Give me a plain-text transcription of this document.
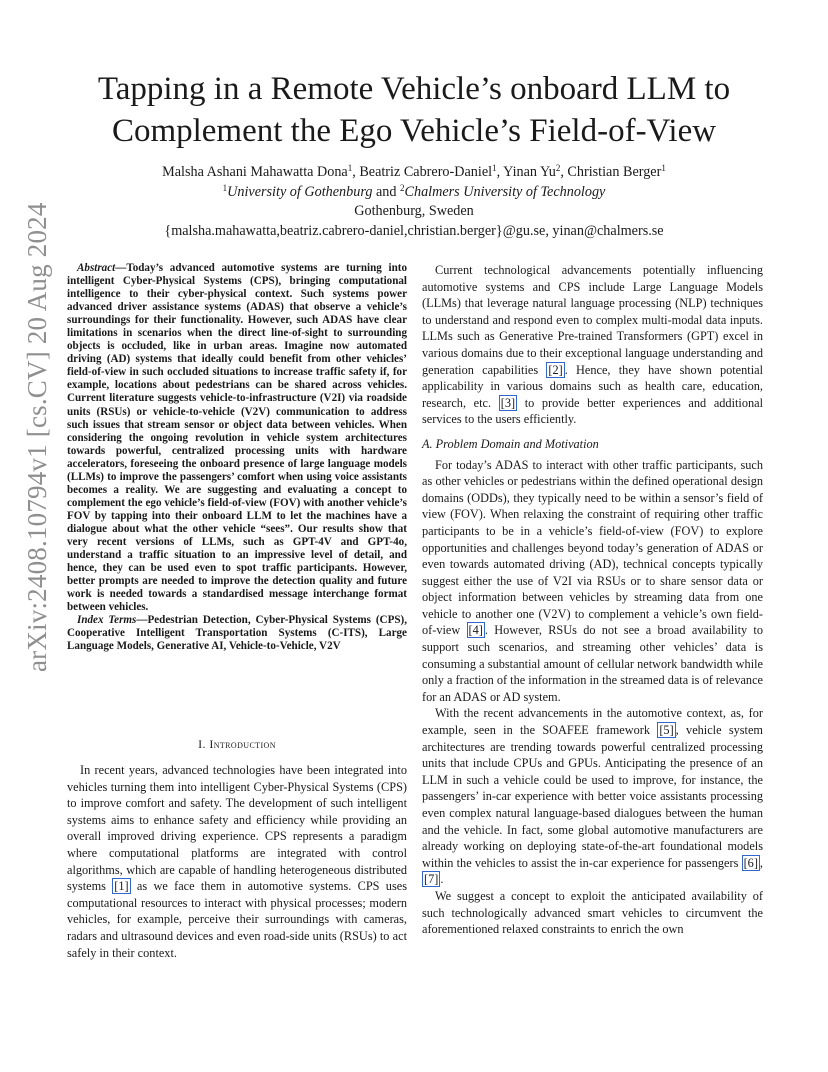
arXiv:2408.10794v1 [cs.CV] 20 Aug 2024
Tapping in a Remote Vehicle’s onboard LLM to
Complement the Ego Vehicle’s Field-of-View
Malsha Ashani Mahawatta Dona$^1$, Beatriz Cabrero-Daniel$^1$, Yinan Yu$^2$, Christian Berger$^1$
$^1$University of Gothenburg and $^2$Chalmers University of Technology
Gothenburg, Sweden
{malsha.mahawatta,beatriz.cabrero-daniel,christian.berger}@gu.se, yinan@chalmers.se

Abstract—Today’s advanced automotive systems are turning into intelligent Cyber-Physical Systems (CPS), bringing computational intelligence to their cyber-physical context. Such systems power advanced driver assistance systems (ADAS) that observe a vehicle’s surroundings for their functionality. However, such ADAS have clear limitations in scenarios when the direct line-of-sight to surrounding objects is occluded, like in urban areas. Imagine now automated driving (AD) systems that ideally could benefit from other vehicles’ field-of-view in such occluded situations to increase traffic safety if, for example, locations about pedestrians can be shared across vehicles. Current literature suggests vehicle-to-infrastructure (V2I) via roadside units (RSUs) or vehicle-to-vehicle (V2V) communication to address such issues that stream sensor or object data between vehicles. When considering the ongoing revolution in vehicle system architectures towards powerful, centralized processing units with hardware accelerators, foreseeing the onboard presence of large language models (LLMs) to improve the passengers’ comfort when using voice assistants becomes a reality. We are suggesting and evaluating a concept to complement the ego vehicle’s field-of-view (FOV) with another vehicle’s FOV by tapping into their onboard LLM to let the machines have a dialogue about what the other vehicle “sees”. Our results show that very recent versions of LLMs, such as GPT-4V and GPT-4o, understand a traffic situation to an impressive level of detail, and hence, they can be used even to spot traffic participants. However, better prompts are needed to improve the detection quality and future work is needed towards a standardised message interchange format between vehicles.

Index Terms—Pedestrian Detection, Cyber-Physical Systems (CPS), Cooperative Intelligent Transportation Systems (C-ITS), Large Language Models, Generative AI, Vehicle-to-Vehicle, V2V

I. Introduction

In recent years, advanced technologies have been integrated into vehicles turning them into intelligent Cyber-Physical Systems (CPS) to improve comfort and safety. The development of such intelligent systems aims to enhance safety and efficiency while providing an overall improved driving experience. CPS represents a paradigm where computational platforms are integrated with control algorithms, which are capable of handling heterogeneous distributed systems [1] as we face them in automotive systems. CPS uses computational resources to interact with physical processes; modern vehicles, for example, perceive their surroundings with cameras, radars and ultrasound devices and even road-side units (RSUs) to act safely in their context.

Current technological advancements potentially influencing automotive systems and CPS include Large Language Models (LLMs) that leverage natural language processing (NLP) techniques to understand and respond even to complex multi-modal data inputs. LLMs such as Generative Pre-trained Transformers (GPT) excel in various domains due to their exceptional language understanding and generation capabilities [2] . Hence, they have shown potential applicability in various domains such as health care, education, research, etc. [3] to provide better experiences and additional services to the users efficiently.

A. Problem Domain and Motivation

For today’s ADAS to interact with other traffic participants, such as other vehicles or pedestrians within the defined operational design domains (ODDs), they typically need to be within a sensor’s field of view (FOV). When relaxing the constraint of requiring other traffic participants to be in a vehicle’s field-of-view (FOV) to explore opportunities and challenges beyond today’s generation of ADAS or even towards automated driving (AD), technical concepts typically suggest either the use of V2I via RSUs or to share sensor data or object information between vehicles by streaming data from one vehicle to another one (V2V) to complement a vehicle’s own field-of-view [4] . However, RSUs do not see a broad availability to support such scenarios, and streaming other vehicles’ data is consuming a substantial amount of cellular network bandwidth while only a fraction of the information in the streamed data is of relevance for an ADAS or AD system.

With the recent advancements in the automotive context, as, for example, seen in the SOAFEE framework [5] , vehicle system architectures are trending towards powerful centralized processing units that include CPUs and GPUs. Anticipating the presence of an LLM in such a vehicle could be used to improve, for instance, the passengers’ in-car experience with better voice assistants processing even complex natural language-based dialogues between the human and the vehicle. In fact, some global automotive manufacturers are already working on deploying state-of-the-art foundational models within the vehicles to assist the in-car experience for passengers [6] , [7] .

We suggest a concept to exploit the anticipated availability of such technologically advanced smart vehicles to circumvent the aforementioned relaxed constraints to enrich the own
